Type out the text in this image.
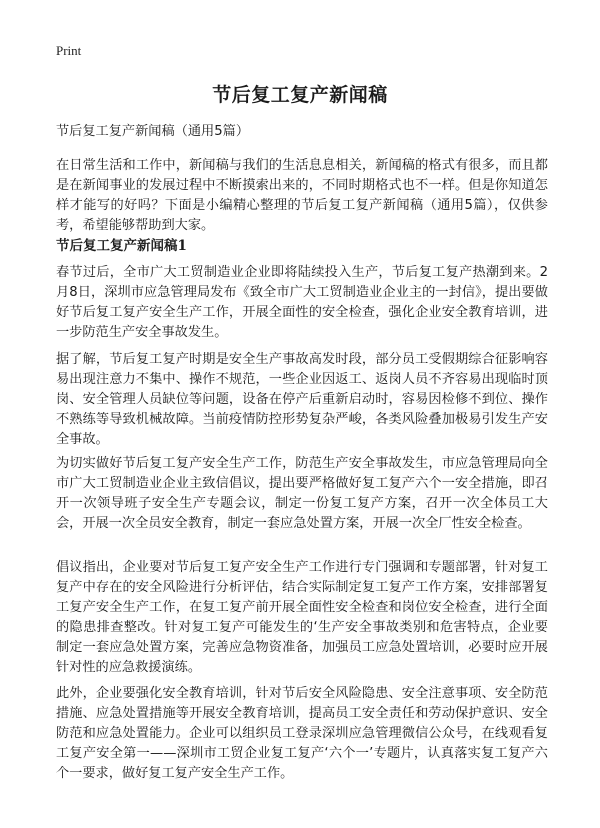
Print
节后复工复产新闻稿

节后复工复产新闻稿（通用5篇）

在日常生活和工作中，新闻稿与我们的生活息息相关，新闻稿的格式有很多，而且都是在新闻事业的发展过程中不断摸索出来的，不同时期格式也不一样。但是你知道怎样才能写的好吗？下面是小编精心整理的节后复工复产新闻稿（通用5篇），仅供参考，希望能够帮助到大家。

节后复工复产新闻稿1

春节过后，全市广大工贸制造业企业即将陆续投入生产，节后复工复产热潮到来。2月8日，深圳市应急管理局发布《致全市广大工贸制造业企业主的一封信》，提出要做好节后复工复产安全生产工作，开展全面性的安全检查，强化企业安全教育培训，进一步防范生产安全事故发生。

据了解，节后复工复产时期是安全生产事故高发时段，部分员工受假期综合征影响容易出现注意力不集中、操作不规范，一些企业因返工、返岗人员不齐容易出现临时顶岗、安全管理人员缺位等问题，设备在停产后重新启动时，容易因检修不到位、操作不熟练等导致机械故障。当前疫情防控形势复杂严峻，各类风险叠加极易引发生产安全事故。

为切实做好节后复工复产安全生产工作，防范生产安全事故发生，市应急管理局向全市广大工贸制造业企业主致信倡议，提出要严格做好复工复产六个一安全措施，即召开一次领导班子安全生产专题会议，制定一份复工复产方案，召开一次全体员工大会，开展一次全员安全教育，制定一套应急处置方案，开展一次全厂性安全检查。

倡议指出，企业要对节后复工复产安全生产工作进行专门强调和专题部署，针对复工复产中存在的安全风险进行分析评估，结合实际制定复工复产工作方案，安排部署复工复产安全生产工作，在复工复产前开展全面性安全检查和岗位安全检查，进行全面的隐患排查整改。针对复工复产可能发生的‘生产安全事故类别和危害特点，企业要制定一套应急处置方案，完善应急物资准备，加强员工应急处置培训，必要时应开展针对性的应急救援演练。

此外，企业要强化安全教育培训，针对节后安全风险隐患、安全注意事项、安全防范措施、应急处置措施等开展安全教育培训，提高员工安全责任和劳动保护意识、安全防范和应急处置能力。企业可以组织员工登录深圳应急管理微信公众号，在线观看复工复产安全第一——深圳市工贸企业复工复产‘六个一’专题片，认真落实复工复产六个一要求，做好复工复产安全生产工作。
